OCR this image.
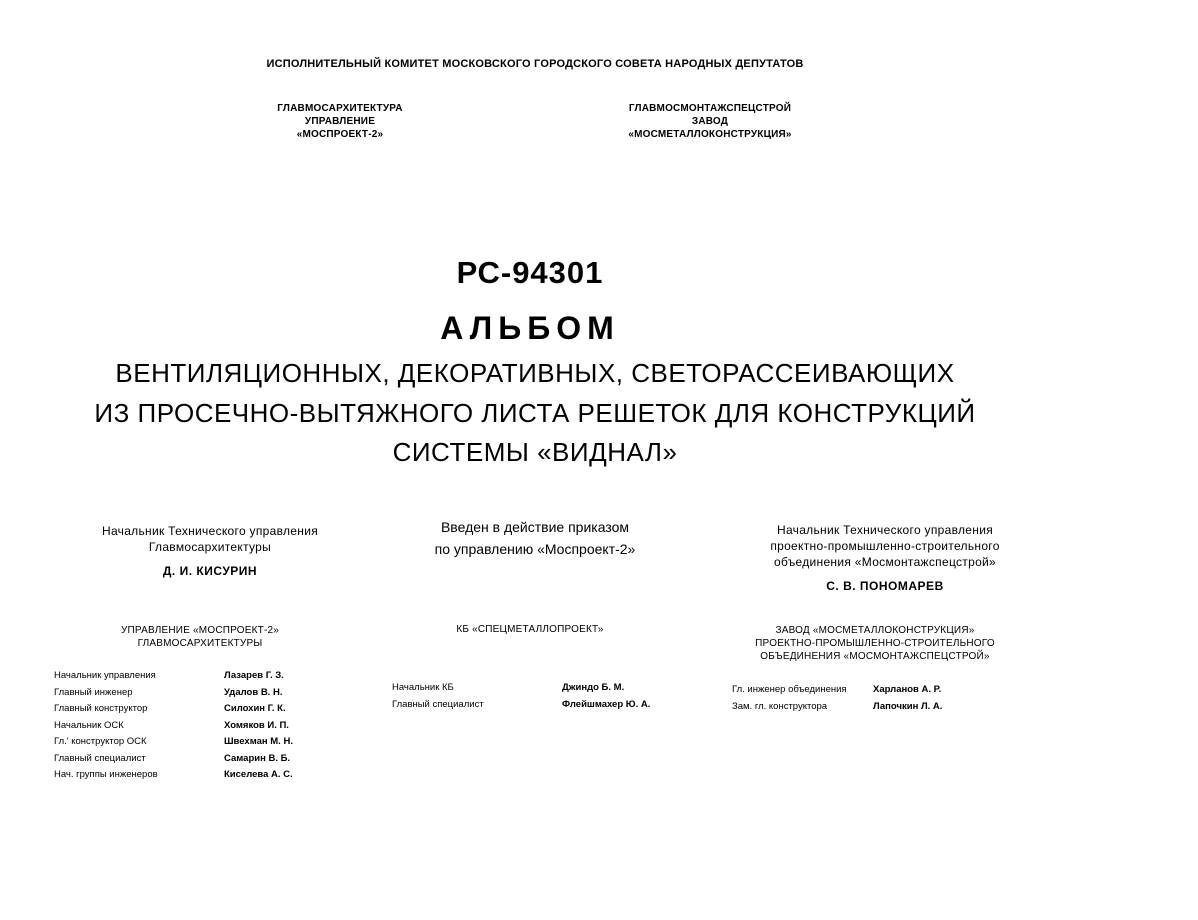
ИСПОЛНИТЕЛЬНЫЙ КОМИТЕТ МОСКОВСКОГО ГОРОДСКОГО СОВЕТА НАРОДНЫХ ДЕПУТАТОВ
ГЛАВМОСАРХИТЕКТУРА
УПРАВЛЕНИЕ
«МОСПРОЕКТ-2»
ГЛАВМОСМОНТАЖСПЕЦСТРОЙ
ЗАВОД
«МОСМЕТАЛЛОКОНСТРУКЦИЯ»
РС-94301
АЛЬБОМ
ВЕНТИЛЯЦИОННЫХ, ДЕКОРАТИВНЫХ, СВЕТОРАССЕИВАЮЩИХ
ИЗ ПРОСЕЧНО-ВЫТЯЖНОГО ЛИСТА РЕШЕТОК ДЛЯ КОНСТРУКЦИЙ
СИСТЕМЫ «ВИДНАЛ»
Начальник Технического управления
Главмосархитектуры
Д. И. КИСУРИН
Введен в действие приказом
по управлению «Моспроект-2»
Начальник Технического управления
проектно-промышленно-строительного
объединения «Мосмонтажспецстрой»
С. В. ПОНОМАРЕВ
УПРАВЛЕНИЕ «МОСПРОЕКТ-2»
ГЛАВМОСАРХИТЕКТУРЫ
КБ «СПЕЦМЕТАЛЛОПРОЕКТ»	ЗАВОД «МОСМЕТАЛЛОКОНСТРУКЦИЯ»
ПРОЕКТНО-ПРОМЫШЛЕННО-СТРОИТЕЛЬНОГО
ОБЪЕДИНЕНИЯ «МОСМОНТАЖСПЕЦСТРОЙ»
Начальник управления	Лазарев Г. З.
Главный инженер	Удалов В. Н.
Главный конструктор	Силохин Г. К.
Начальник ОСК	Хомяков И. П.
Гл.' конструктор ОСК	Швехман М. Н.
Главный специалист	Самарин В. Б.
Нач. группы инженеров	Киселева А. С.
Начальник КБ	Джиндо Б. М.
Главный специалист	Флейшмахер Ю. А.
Гл. инженер объединения	Харланов А. Р.
Зам. гл. конструктора	Лапочкин Л. А.
